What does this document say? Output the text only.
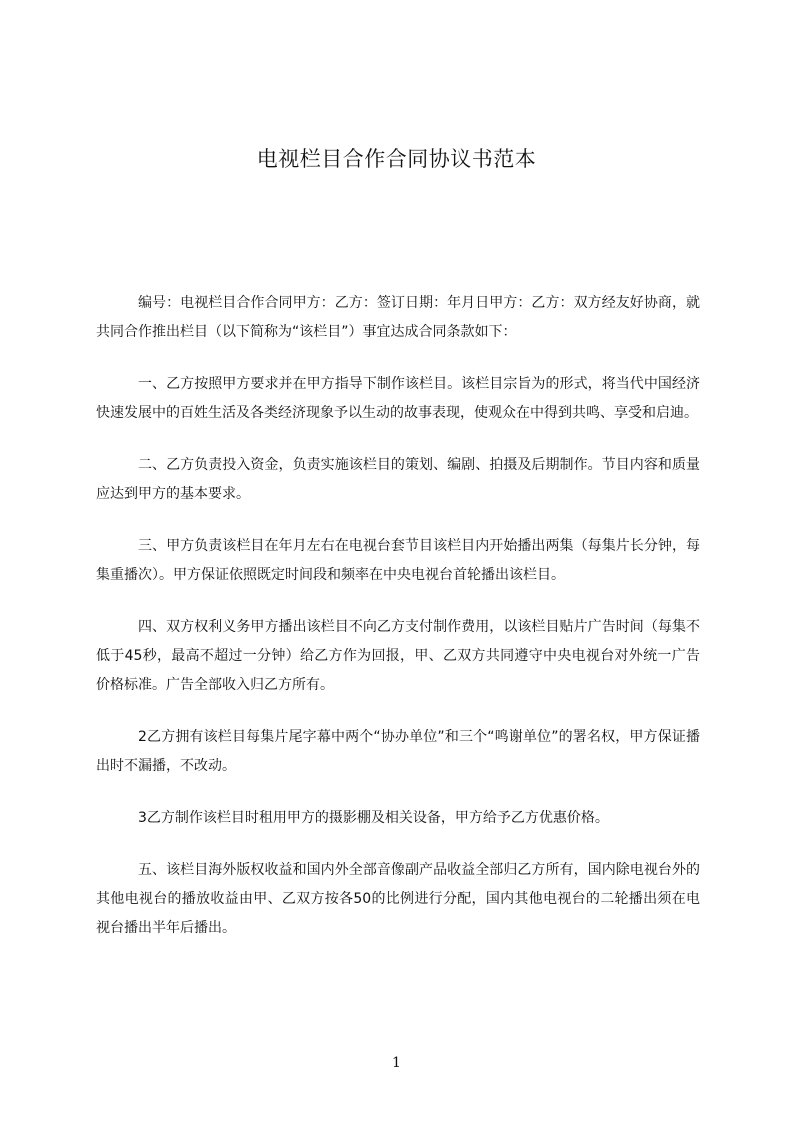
电视栏目合作合同协议书范本

编号：电视栏目合作合同甲方：乙方：签订日期：年月日甲方：乙方：双方经友好协商，就共同合作推出栏目（以下简称为“该栏目”）事宜达成合同条款如下：

一、乙方按照甲方要求并在甲方指导下制作该栏目。该栏目宗旨为的形式，将当代中国经济快速发展中的百姓生活及各类经济现象予以生动的故事表现，使观众在中得到共鸣、享受和启迪。

二、乙方负责投入资金，负责实施该栏目的策划、编剧、拍摄及后期制作。节目内容和质量应达到甲方的基本要求。

三、甲方负责该栏目在年月左右在电视台套节目该栏目内开始播出两集（每集片长分钟，每集重播次）。甲方保证依照既定时间段和频率在中央电视台首轮播出该栏目。

四、双方权利义务甲方播出该栏目不向乙方支付制作费用，以该栏目贴片广告时间（每集不低于45秒，最高不超过一分钟）给乙方作为回报，甲、乙双方共同遵守中央电视台对外统一广告价格标准。广告全部收入归乙方所有。

2乙方拥有该栏目每集片尾字幕中两个“协办单位”和三个“鸣谢单位”的署名权，甲方保证播出时不漏播，不改动。

3乙方制作该栏目时租用甲方的摄影棚及相关设备，甲方给予乙方优惠价格。

五、该栏目海外版权收益和国内外全部音像副产品收益全部归乙方所有，国内除电视台外的其他电视台的播放收益由甲、乙双方按各50的比例进行分配，国内其他电视台的二轮播出须在电视台播出半年后播出。

1
